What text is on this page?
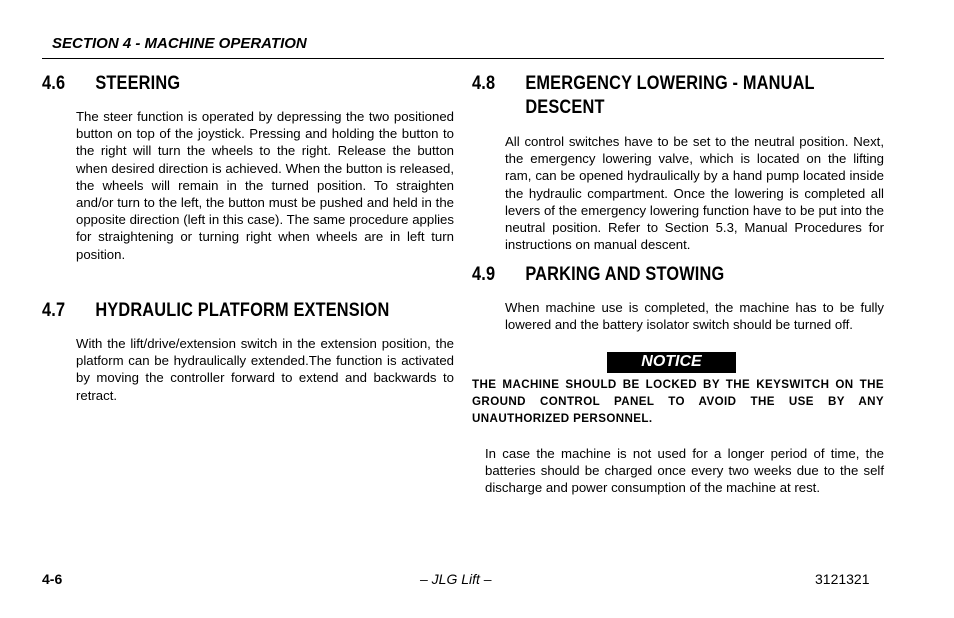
SECTION 4 - MACHINE OPERATION
4.6 STEERING

The steer function is operated by depressing the two positioned button on top of the joystick. Pressing and holding the button to the right will turn the wheels to the right. Release the button when desired direction is achieved. When the button is released, the wheels will remain in the turned position. To straighten and/or turn to the left, the button must be pushed and held in the opposite direction (left in this case). The same procedure applies for straightening or turning right when wheels are in left turn position.

4.7 HYDRAULIC PLATFORM EXTENSION

With the lift/drive/extension switch in the extension position, the platform can be hydraulically extended.The function is activated by moving the controller forward to extend and backwards to retract.

4.8 EMERGENCY LOWERING - MANUAL
DESCENT

All control switches have to be set to the neutral position. Next, the emergency lowering valve, which is located on the lifting ram, can be opened hydraulically by a hand pump located inside the hydraulic compartment. Once the lowering is completed all levers of the emergency lowering function have to be put into the neutral position. Refer to Section 5.3, Manual Procedures for instructions on manual descent.

4.9 PARKING AND STOWING

When machine use is completed, the machine has to be fully lowered and the battery isolator switch should be turned off.

NOTICE

THE MACHINE SHOULD BE LOCKED BY THE KEYSWITCH ON THE GROUND CONTROL PANEL TO AVOID THE USE BY ANY UNAUTHORIZED PERSONNEL.

In case the machine is not used for a longer period of time, the batteries should be charged once every two weeks due to the self discharge and power consumption of the machine at rest.

4-6	– JLG Lift –	3121321
